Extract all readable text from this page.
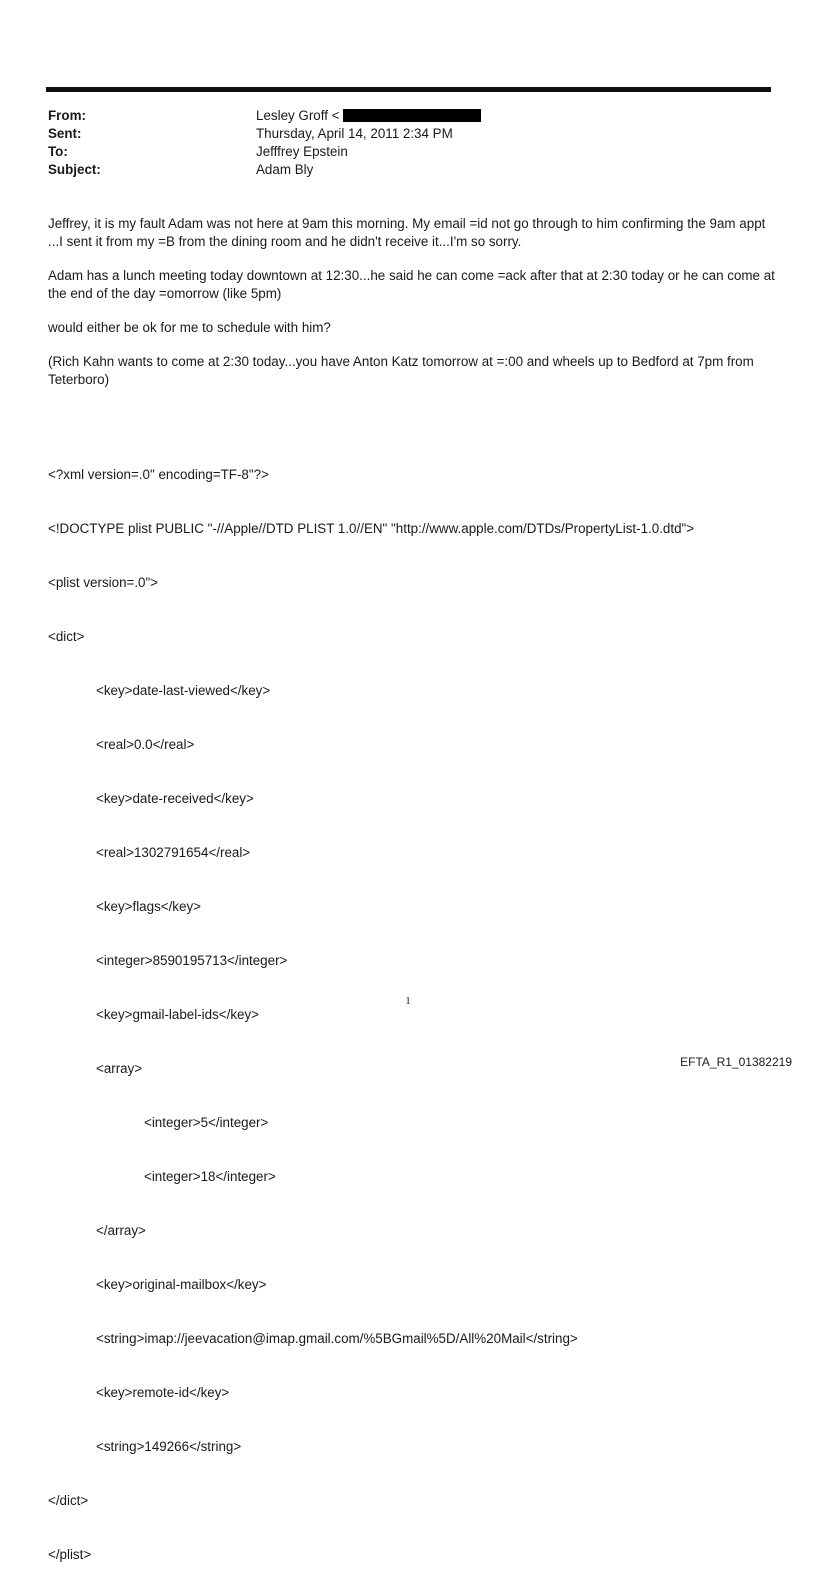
From:	Lesley Groff <
Sent:	Thursday, April 14, 2011 2:34 PM
To:	Jefffrey Epstein
Subject:	Adam Bly

Jeffrey, it is my fault Adam was not here at 9am this morning. My email =id not go through to him confirming the 9am appt ...I sent it from my =B from the dining room and he didn't receive it...I'm so sorry.

Adam has a lunch meeting today downtown at 12:30...he said he can come =ack after that at 2:30 today or he can come at the end of the day =omorrow (like 5pm)

would either be ok for me to schedule with him?

(Rich Kahn wants to come at 2:30 today...you have Anton Katz tomorrow at =:00 and wheels up to Bedford at 7pm from Teterboro)

<?xml version=.0" encoding=TF-8"?>

<!DOCTYPE plist PUBLIC "-//Apple//DTD PLIST 1.0//EN" "http://www.apple.com/DTDs/PropertyList-1.0.dtd">

<plist version=.0">

<dict>

<key>date-last-viewed</key>

<real>0.0</real>

<key>date-received</key>

<real>1302791654</real>

<key>flags</key>

<integer>8590195713</integer>

<key>gmail-label-ids</key>

<array>

<integer>5</integer>

<integer>18</integer>

</array>

<key>original-mailbox</key>

<string>imap://jeevacation@imap.gmail.com/%5BGmail%5D/All%20Mail</string>

<key>remote-id</key>

<string>149266</string>

</dict>

</plist>

1
EFTA_R1_01382219
